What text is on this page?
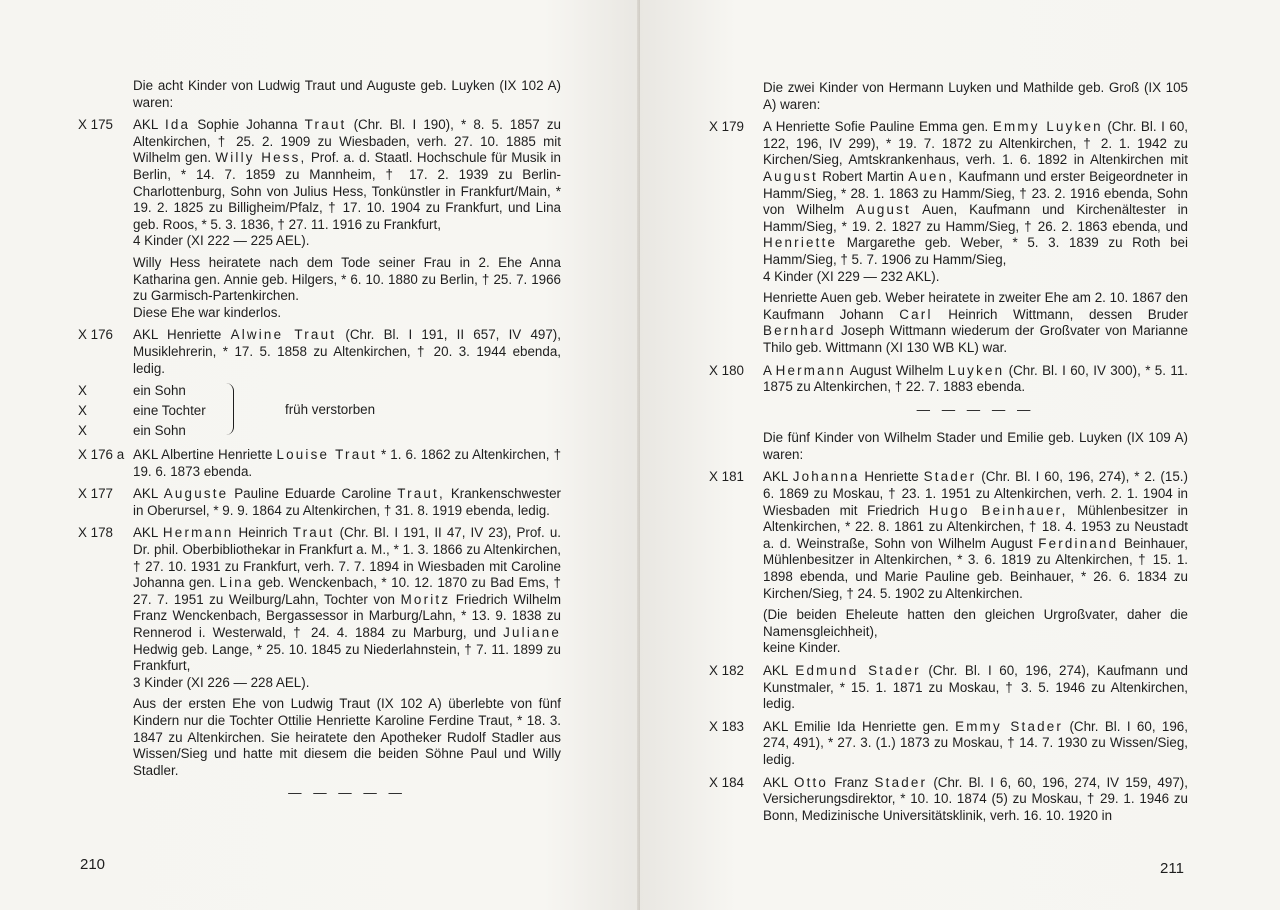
Die acht Kinder von Ludwig Traut und Auguste geb. Luyken (IX 102 A) waren:
X 175 AKL Ida Sophie Johanna Traut (Chr. Bl. I 190), * 8. 5. 1857 zu Altenkirchen, † 25. 2. 1909 zu Wiesbaden, verh. 27. 10. 1885 mit Wilhelm gen. Willy Hess, Prof. a. d. Staatl. Hochschule für Musik in Berlin, * 14. 7. 1859 zu Mannheim, † 17. 2. 1939 zu Berlin-Charlottenburg, Sohn von Julius Hess, Tonkünstler in Frankfurt/Main, * 19. 2. 1825 zu Billigheim/Pfalz, † 17. 10. 1904 zu Frankfurt, und Lina geb. Roos, * 5. 3. 1836, † 27. 11. 1916 zu Frankfurt,
4 Kinder (XI 222 — 225 AEL).
Willy Hess heiratete nach dem Tode seiner Frau in 2. Ehe Anna Katharina gen. Annie geb. Hilgers, * 6. 10. 1880 zu Berlin, † 25. 7. 1966 zu Garmisch-Partenkirchen.
Diese Ehe war kinderlos.
X 176 AKL Henriette Alwine Traut (Chr. Bl. I 191, II 657, IV 497), Musiklehrerin, * 17. 5. 1858 zu Altenkirchen, † 20. 3. 1944 ebenda, ledig.
X	ein Sohn
X	eine Tochter
X	ein Sohn
früh verstorben
X 176 a AKL Albertine Henriette Louise Traut * 1. 6. 1862 zu Altenkirchen, † 19. 6. 1873 ebenda.
X 177 AKL Auguste Pauline Eduarde Caroline Traut, Krankenschwester in Oberursel, * 9. 9. 1864 zu Altenkirchen, † 31. 8. 1919 ebenda, ledig.
X 178 AKL Hermann Heinrich Traut (Chr. Bl. I 191, II 47, IV 23), Prof. u. Dr. phil. Oberbibliothekar in Frankfurt a. M., * 1. 3. 1866 zu Altenkirchen, † 27. 10. 1931 zu Frankfurt, verh. 7. 7. 1894 in Wiesbaden mit Caroline Johanna gen. Lina geb. Wenckenbach, * 10. 12. 1870 zu Bad Ems, † 27. 7. 1951 zu Weilburg/Lahn, Tochter von Moritz Friedrich Wilhelm Franz Wenckenbach, Bergassessor in Marburg/Lahn, * 13. 9. 1838 zu Rennerod i. Westerwald, † 24. 4. 1884 zu Marburg, und Juliane Hedwig geb. Lange, * 25. 10. 1845 zu Niederlahnstein, † 7. 11. 1899 zu Frankfurt,
3 Kinder (XI 226 — 228 AEL).
Aus der ersten Ehe von Ludwig Traut (IX 102 A) überlebte von fünf Kindern nur die Tochter Ottilie Henriette Karoline Ferdine Traut, * 18. 3. 1847 zu Altenkirchen. Sie heiratete den Apotheker Rudolf Stadler aus Wissen/Sieg und hatte mit diesem die beiden Söhne Paul und Willy Stadler.
— — — — —
210
Die zwei Kinder von Hermann Luyken und Mathilde geb. Groß (IX 105 A) waren:
X 179 A Henriette Sofie Pauline Emma gen. Emmy Luyken (Chr. Bl. I 60, 122, 196, IV 299), * 19. 7. 1872 zu Altenkirchen, † 2. 1. 1942 zu Kirchen/Sieg, Amtskrankenhaus, verh. 1. 6. 1892 in Altenkirchen mit August Robert Martin Auen, Kaufmann und erster Beigeordneter in Hamm/Sieg, * 28. 1. 1863 zu Hamm/Sieg, † 23. 2. 1916 ebenda, Sohn von Wilhelm August Auen, Kaufmann und Kirchenältester in Hamm/Sieg, * 19. 2. 1827 zu Hamm/Sieg, † 26. 2. 1863 ebenda, und Henriette Margarethe geb. Weber, * 5. 3. 1839 zu Roth bei Hamm/Sieg, † 5. 7. 1906 zu Hamm/Sieg,
4 Kinder (XI 229 — 232 AKL).
Henriette Auen geb. Weber heiratete in zweiter Ehe am 2. 10. 1867 den Kaufmann Johann Carl Heinrich Wittmann, dessen Bruder Bernhard Joseph Wittmann wiederum der Großvater von Marianne Thilo geb. Wittmann (XI 130 WB KL) war.
X 180 A Hermann August Wilhelm Luyken (Chr. Bl. I 60, IV 300), * 5. 11. 1875 zu Altenkirchen, † 22. 7. 1883 ebenda.
— — — — —
Die fünf Kinder von Wilhelm Stader und Emilie geb. Luyken (IX 109 A) waren:
X 181 AKL Johanna Henriette Stader (Chr. Bl. I 60, 196, 274), * 2. (15.) 6. 1869 zu Moskau, † 23. 1. 1951 zu Altenkirchen, verh. 2. 1. 1904 in Wiesbaden mit Friedrich Hugo Beinhauer, Mühlenbesitzer in Altenkirchen, * 22. 8. 1861 zu Altenkirchen, † 18. 4. 1953 zu Neustadt a. d. Weinstraße, Sohn von Wilhelm August Ferdinand Beinhauer, Mühlenbesitzer in Altenkirchen, * 3. 6. 1819 zu Altenkirchen, † 15. 1. 1898 ebenda, und Marie Pauline geb. Beinhauer, * 26. 6. 1834 zu Kirchen/Sieg, † 24. 5. 1902 zu Altenkirchen.
(Die beiden Eheleute hatten den gleichen Urgroßvater, daher die Namensgleichheit),
keine Kinder.
X 182 AKL Edmund Stader (Chr. Bl. I 60, 196, 274), Kaufmann und Kunstmaler, * 15. 1. 1871 zu Moskau, † 3. 5. 1946 zu Altenkirchen, ledig.
X 183 AKL Emilie Ida Henriette gen. Emmy Stader (Chr. Bl. I 60, 196, 274, 491), * 27. 3. (1.) 1873 zu Moskau, † 14. 7. 1930 zu Wissen/Sieg, ledig.
X 184 AKL Otto Franz Stader (Chr. Bl. I 6, 60, 196, 274, IV 159, 497), Versicherungsdirektor, * 10. 10. 1874 (5) zu Moskau, † 29. 1. 1946 zu Bonn, Medizinische Universitätsklinik, verh. 16. 10. 1920 in
211
